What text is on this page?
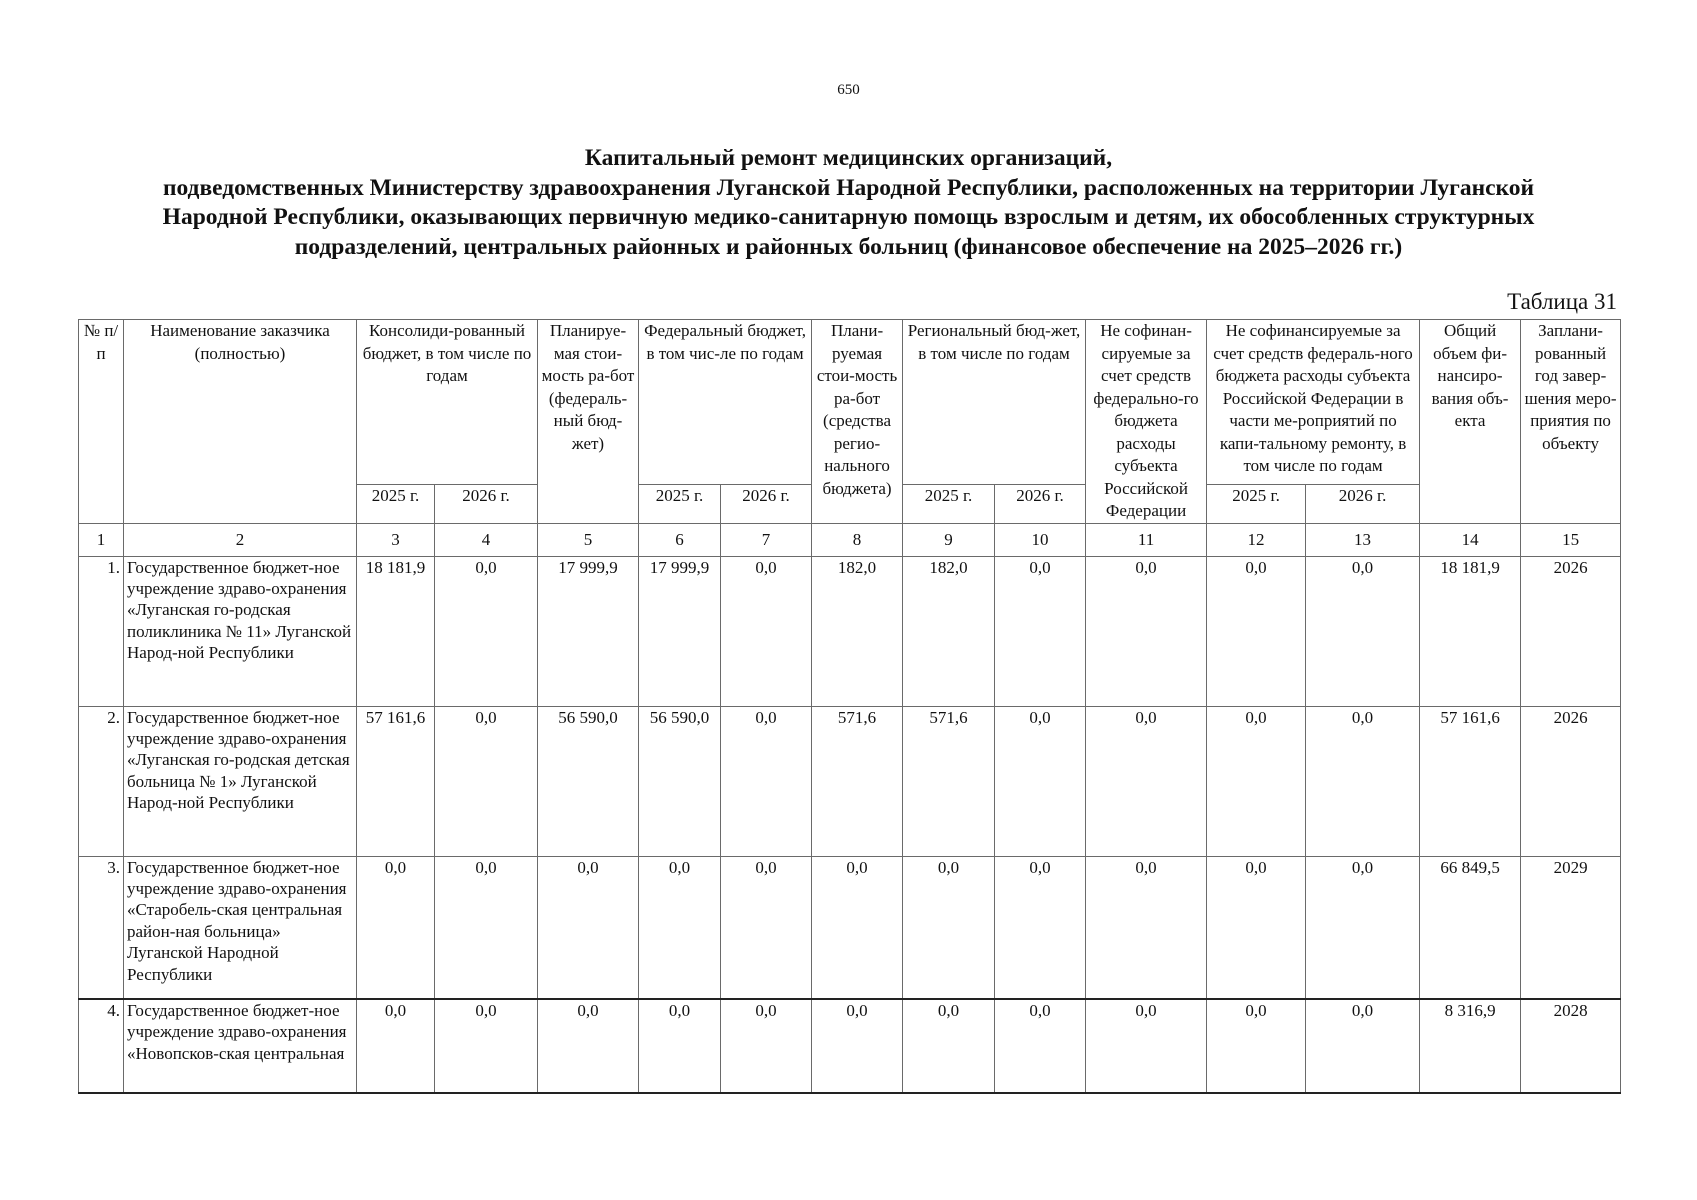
650
Капитальный ремонт медицинских организаций,
подведомственных Министерству здравоохранения Луганской Народной Республики, расположенных на территории Луганской
Народной Республики, оказывающих первичную медико-санитарную помощь взрослым и детям, их обособленных структурных
подразделений, центральных районных и районных больниц (финансовое обеспечение на 2025–2026 гг.)
Таблица 31
№ п/п	Наименование заказчика (полностью)	Консолиди-рованный бюджет, в том числе по годам		Планируе-мая стои-мость ра-бот (федераль-ный бюд-жет)	Федеральный бюджет, в том чис-ле по годам		Плани-руемая стои-мость ра-бот (средства регио-нального бюджета)	Региональный бюд-жет, в том числе по годам		Не софинан-сируемые за счет средств федерально-го бюджета расходы субъекта Российской Федерации	Не софинансируемые за счет средств федераль-ного бюджета расходы субъекта Российской Федерации в части ме-роприятий по капи-тальному ремонту, в том числе по годам		Общий объем фи-нансиро-вания объ-екта	Заплани-рованный год завер-шения меро-приятия по объекту
		2025 г.	2026 г.		2025 г.	2026 г.		2025 г.	2026 г.		2025 г.	2026 г.		
1	2	3	4	5	6	7	8	9	10	11	12	13	14	15
1.	Государственное бюджет-ное учреждение здраво-охранения «Луганская го-родская поликлиника № 11» Луганской Народ-ной Республики	18 181,9	0,0	17 999,9	17 999,9	0,0	182,0	182,0	0,0	0,0	0,0	0,0	18 181,9	2026
2.	Государственное бюджет-ное учреждение здраво-охранения «Луганская го-родская детская больница № 1» Луганской Народ-ной Республики	57 161,6	0,0	56 590,0	56 590,0	0,0	571,6	571,6	0,0	0,0	0,0	0,0	57 161,6	2026
3.	Государственное бюджет-ное учреждение здраво-охранения «Старобель-ская центральная район-ная больница» Луганской Народной Республики	0,0	0,0	0,0	0,0	0,0	0,0	0,0	0,0	0,0	0,0	0,0	66 849,5	2029
4.	Государственное бюджет-ное учреждение здраво-охранения «Новопсков-ская центральная	0,0	0,0	0,0	0,0	0,0	0,0	0,0	0,0	0,0	0,0	0,0	8 316,9	2028
